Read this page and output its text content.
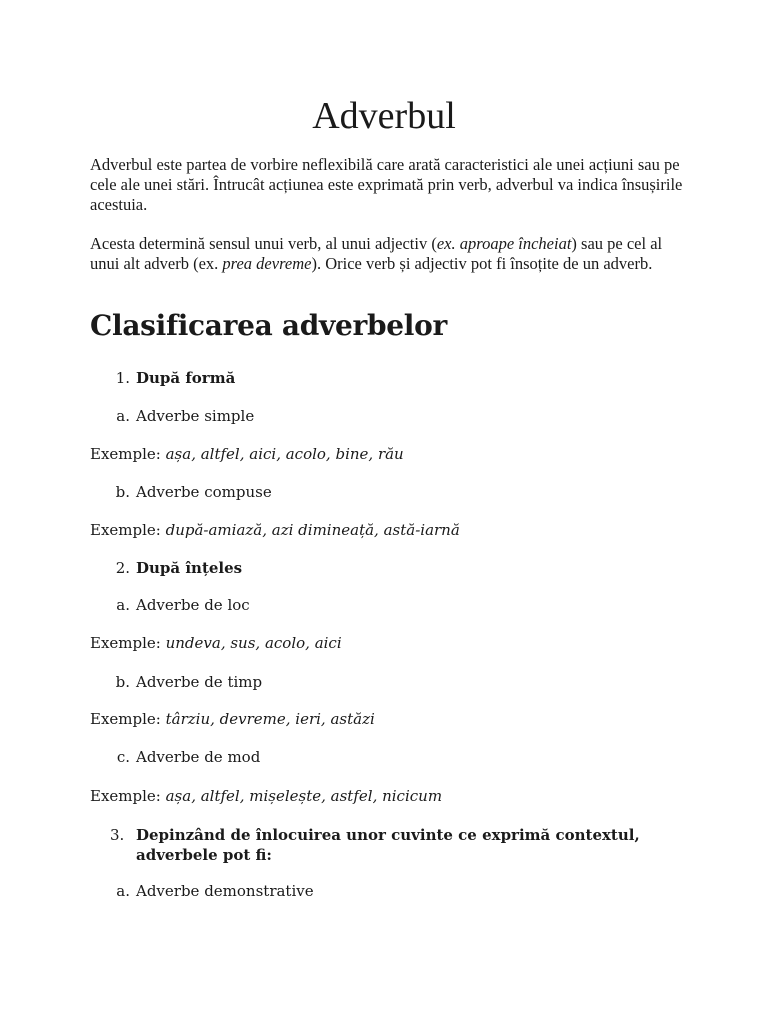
Adverbul

Adverbul este partea de vorbire neflexibilă care arată caracteristici ale unei acțiuni sau pe cele ale unei stări. Întrucât acțiunea este exprimată prin verb, adverbul va indica însușirile acestuia.

Acesta determină sensul unui verb, al unui adjectiv (ex. aproape încheiat) sau pe cel al unui alt adverb (ex. prea devreme). Orice verb și adjectiv pot fi însoțite de un adverb.

Clasificarea adverbelor
1. După formă
a. Adverbe simple
Exemple: așa, altfel, aici, acolo, bine, rău
b. Adverbe compuse
Exemple: după-amiază, azi dimineață, astă-iarnă
2. După înțeles
a. Adverbe de loc
Exemple: undeva, sus, acolo, aici
b. Adverbe de timp
Exemple: târziu, devreme, ieri, astăzi
c. Adverbe de mod
Exemple: așa, altfel, mișelește, astfel, nicicum
3. Depinzând de înlocuirea unor cuvinte ce exprimă contextul, adverbele pot fi:
a. Adverbe demonstrative
